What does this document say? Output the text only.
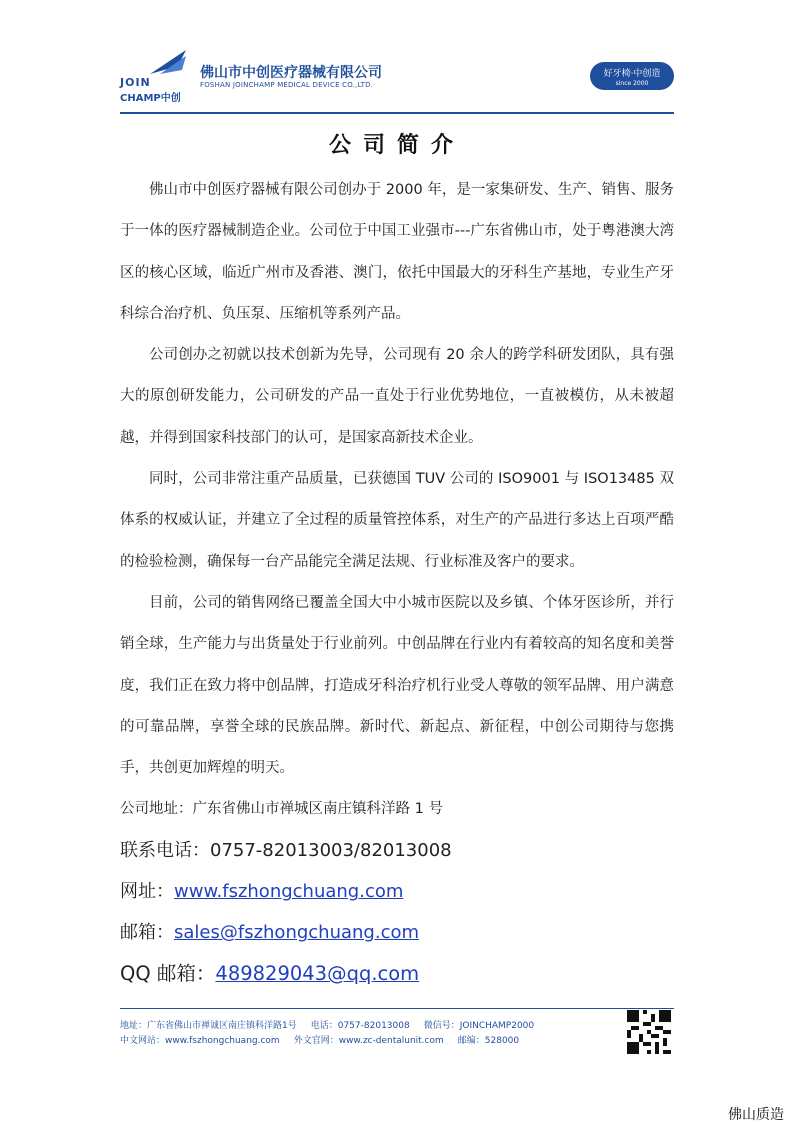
JOIN
CHAMP中创
佛山市中创医疗器械有限公司
FOSHAN JOINCHAMP MEDICAL DEVICE CO.,LTD.
好牙椅·中创造
since 2000
公司简介

佛山市中创医疗器械有限公司创办于 2000 年，是一家集研发、生产、销售、服务于一体的医疗器械制造企业。公司位于中国工业强市---广东省佛山市，处于粤港澳大湾区的核心区域，临近广州市及香港、澳门，依托中国最大的牙科生产基地，专业生产牙科综合治疗机、负压泵、压缩机等系列产品。

公司创办之初就以技术创新为先导，公司现有 20 余人的跨学科研发团队，具有强大的原创研发能力，公司研发的产品一直处于行业优势地位，一直被模仿，从未被超越，并得到国家科技部门的认可，是国家高新技术企业。

同时，公司非常注重产品质量，已获德国 TUV 公司的 ISO9001 与 ISO13485 双体系的权威认证，并建立了全过程的质量管控体系，对生产的产品进行多达上百项严酷的检验检测，确保每一台产品能完全满足法规、行业标准及客户的要求。

目前，公司的销售网络已覆盖全国大中小城市医院以及乡镇、个体牙医诊所，并行销全球，生产能力与出货量处于行业前列。中创品牌在行业内有着较高的知名度和美誉度，我们正在致力将中创品牌，打造成牙科治疗机行业受人尊敬的领军品牌、用户满意的可靠品牌，享誉全球的民族品牌。新时代、新起点、新征程，中创公司期待与您携手，共创更加辉煌的明天。

公司地址：广东省佛山市禅城区南庄镇科洋路 1 号

联系电话：0757-82013003/82013008

网址：www.fszhongchuang.com

邮箱：sales@fszhongchuang.com

QQ 邮箱：489829043@qq.com

地址：广东省佛山市禅诚区南庄镇科洋路1号 电话：0757-82013008 微信号：JOINCHAMP2000
中文网站：www.fszhongchuang.com 外文官网：www.zc-dentalunit.com 邮编：528000
佛山质造
